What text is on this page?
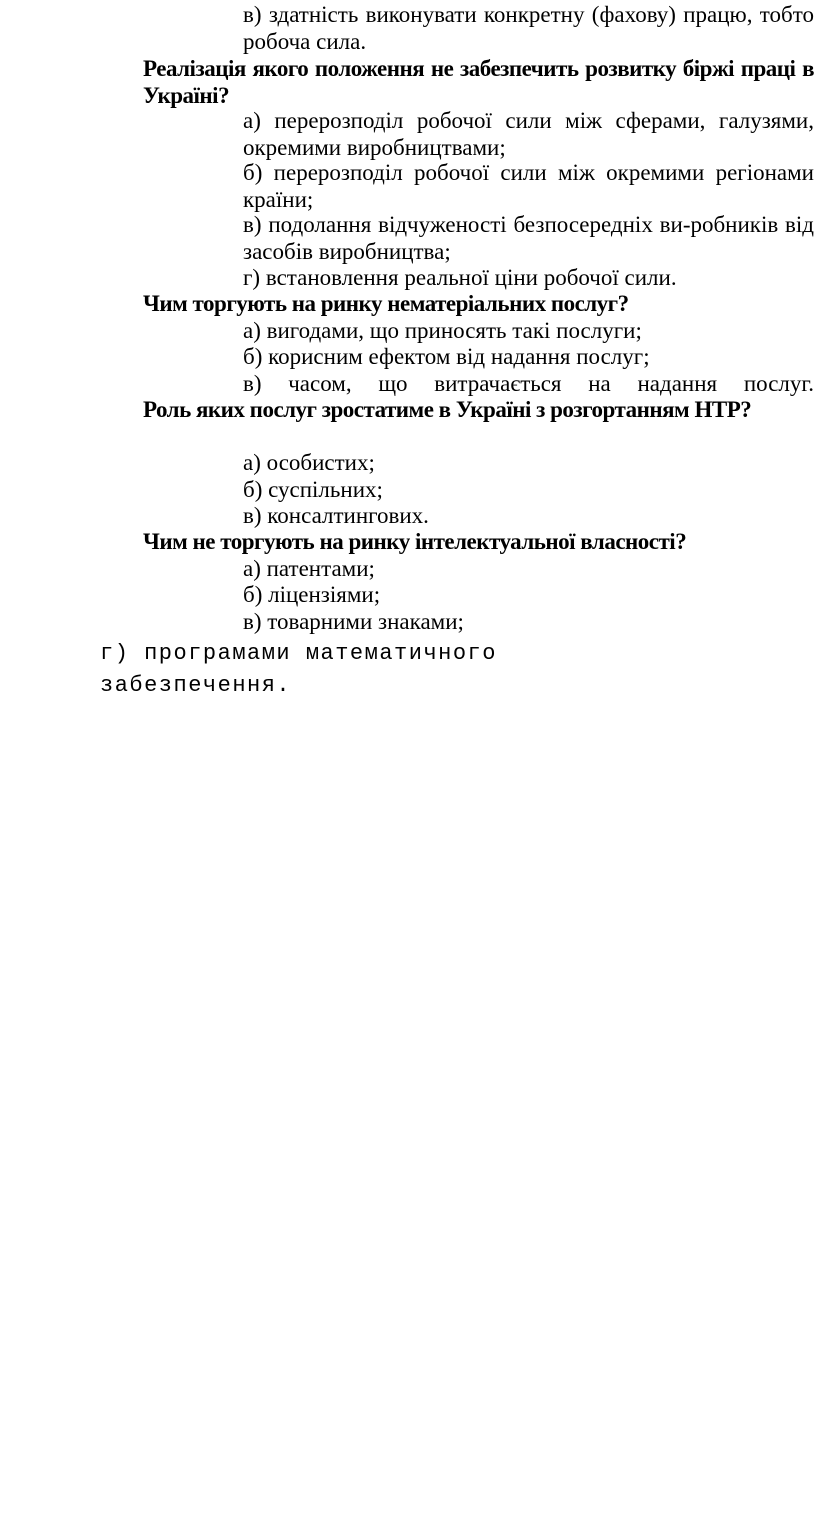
в) здатність виконувати конкретну (фахову) працю, тобто робоча сила.
Реалізація якого положення не забезпечить розвитку біржі праці в Україні?
а) перерозподіл робочої сили між сферами, галузями, окремими виробництвами;
б) перерозподіл робочої сили між окремими регіонами країни;
в) подолання відчуженості безпосередніх ви-робників від засобів виробництва;
г) встановлення реальної ціни робочої сили.
Чим торгують на ринку нематеріальних послуг?
а) вигодами, що приносять такі послуги;
б) корисним ефектом від надання послуг;
в) часом, що витрачається на надання послуг.
Роль яких послуг зростатиме в Україні з розгортанням НТР?
а) особистих;
б) суспільних;
в) консалтингових.
Чим не торгують на ринку інтелектуальної власності?
а) патентами;
б) ліцензіями;
в) товарними знаками;
г) програмами математичного забезпечення.
